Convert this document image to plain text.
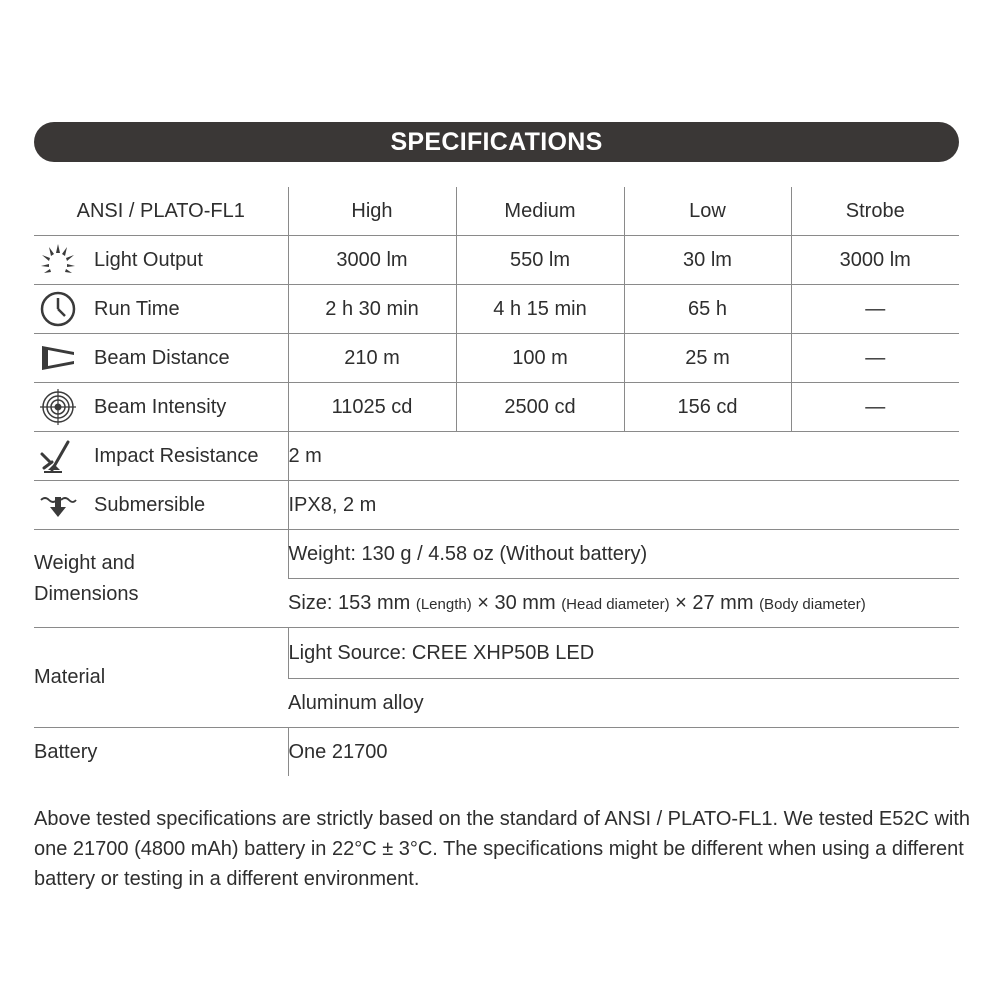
SPECIFICATIONS
ANSI / PLATO-FL1	High	Medium	Low	Strobe

Light Output	3000 lm	550 lm	30 lm	3000 lm

Run Time	2 h 30 min	4 h 15 min	65 h	—

Beam Distance	210 m	100 m	25 m	—

Beam Intensity	11025 cd	2500 cd	156 cd	—

Impact Resistance	2 m			

Submersible	IPX8, 2 m			

Weight and
Dimensions	Weight: 130 g / 4.58 oz (Without battery)			
	Size: 153 mm (Length) × 30 mm (Head diameter) × 27 mm (Body diameter)			
Material	Light Source: CREE XHP50B LED			
	Aluminum alloy			
Battery	One 21700			
Above tested specifications are strictly based on the standard of ANSI / PLATO-FL1. We tested E52C with one 21700 (4800 mAh) battery in 22°C ± 3°C. The specifications might be different when using a different battery or testing in a different environment.
